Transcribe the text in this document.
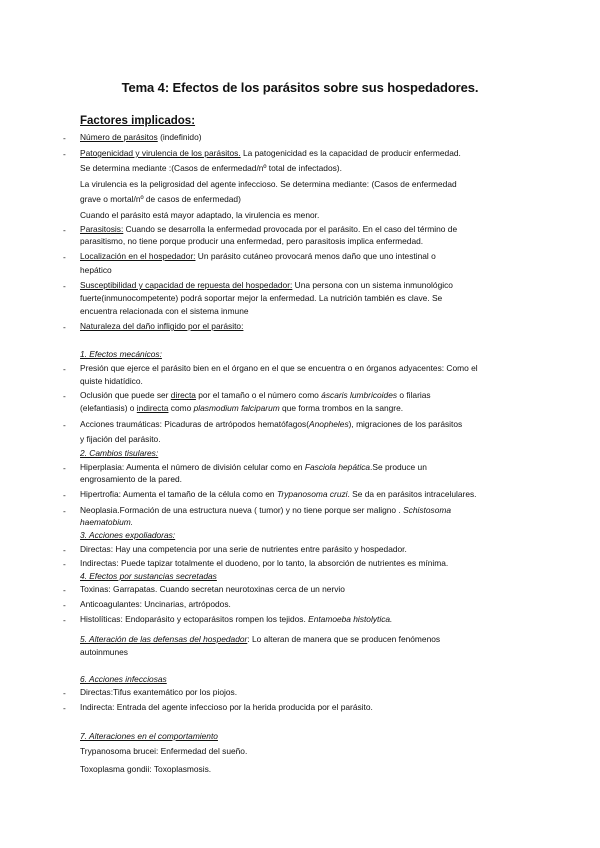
Tema 4: Efectos de los parásitos sobre sus hospedadores.
Factores implicados:
- Número de parásitos (indefinido)
- Patogenicidad y virulencia de los parásitos. La patogenicidad es la capacidad de producir enfermedad.
Se determina mediante :(Casos de enfermedad/nº total de infectados).
La virulencia es la peligrosidad del agente infeccioso. Se determina mediante: (Casos de enfermedad
grave o mortal/nº de casos de enfermedad)
Cuando el parásito está mayor adaptado, la virulencia es menor.
- Parasitosis: Cuando se desarrolla la enfermedad provocada por el parásito. En el caso del término de
parasitismo, no tiene porque producir una enfermedad, pero parasitosis implica enfermedad.
- Localización en el hospedador: Un parásito cutáneo provocará menos daño que uno intestinal o
hepático
- Susceptibilidad y capacidad de repuesta del hospedador: Una persona con un sistema inmunológico
fuerte(inmunocompetente) podrá soportar mejor la enfermedad. La nutrición también es clave. Se
encuentra relacionada con el sistema inmune
- Naturaleza del daño infligido por el parásito:
1. Efectos mecánicos:
- Presión que ejerce el parásito bien en el órgano en el que se encuentra o en órganos adyacentes: Como el
quiste hidatídico.
- Oclusión que puede ser directa por el tamaño o el número como áscaris lumbricoides o filarias
(elefantiasis) o indirecta como plasmodium falciparum que forma trombos en la sangre.
- Acciones traumáticas: Picaduras de artrópodos hematófagos(Anopheles), migraciones de los parásitos
y fijación del parásito.
2. Cambios tisulares:
- Hiperplasia: Aumenta el número de división celular como en Fasciola hepática.Se produce un
engrosamiento de la pared.
- Hipertrofia: Aumenta el tamaño de la célula como en Trypanosoma cruzi. Se da en parásitos intracelulares.
- Neoplasia.Formación de una estructura nueva ( tumor) y no tiene porque ser maligno . Schistosoma
haematobium.
3. Acciones expoliadoras:
- Directas: Hay una competencia por una serie de nutrientes entre parásito y hospedador.
- Indirectas: Puede tapizar totalmente el duodeno, por lo tanto, la absorción de nutrientes es mínima.
4. Efectos por sustancias secretadas
- Toxinas: Garrapatas. Cuando secretan neurotoxinas cerca de un nervio
- Anticoagulantes: Uncinarias, artrópodos.
- Histolíticas: Endoparásito y ectoparásitos rompen los tejidos. Entamoeba histolytica.
5. Alteración de las defensas del hospedador: Lo alteran de manera que se producen fenómenos
autoinmunes
6. Acciones infecciosas
- Directas:Tifus exantemático por los piojos.
- Indirecta: Entrada del agente infeccioso por la herida producida por el parásito.
7. Alteraciones en el comportamiento
Trypanosoma brucei: Enfermedad del sueño.
Toxoplasma gondii: Toxoplasmosis.
